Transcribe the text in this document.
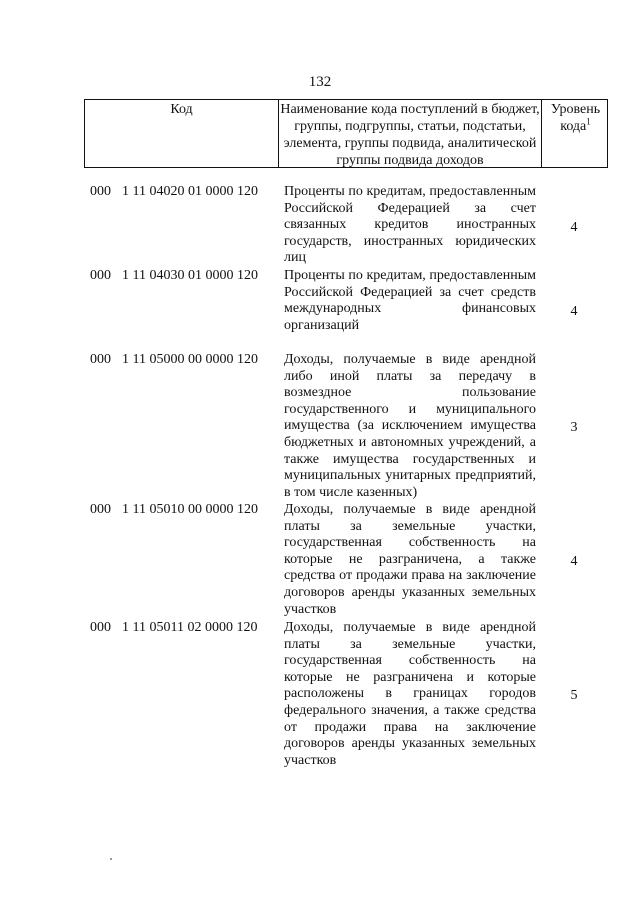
132
Код	Наименование кода поступлений в бюджет, группы, подгруппы, статьи, подстатьи, элемента, группы подвида, аналитической группы подвида доходов
Уровень кода$^1$
000 1 11 04020 01 0000 120 Проценты по кредитам, предоставленным Российской Федерацией за счет связанных кредитов иностранных государств, иностранных юридических лиц
4
000 1 11 04030 01 0000 120 Проценты по кредитам, предоставленным Российской Федерацией за счет средств международных финансовых организаций
4
000 1 11 05000 00 0000 120 Доходы, получаемые в виде арендной либо иной платы за передачу в возмездное пользование государственного и муниципального имущества (за исключением имущества бюджетных и автономных учреждений, а также имущества государственных и муниципальных унитарных предприятий, в том числе казенных)
3
000 1 11 05010 00 0000 120 Доходы, получаемые в виде арендной платы за земельные участки, государственная собственность на которые не разграничена, а также средства от продажи права на заключение договоров аренды указанных земельных участков
4
000 1 11 05011 02 0000 120 Доходы, получаемые в виде арендной платы за земельные участки, государственная собственность на которые не разграничена и которые расположены в границах городов федерального значения, а также средства от продажи права на заключение договоров аренды указанных земельных участков
5
